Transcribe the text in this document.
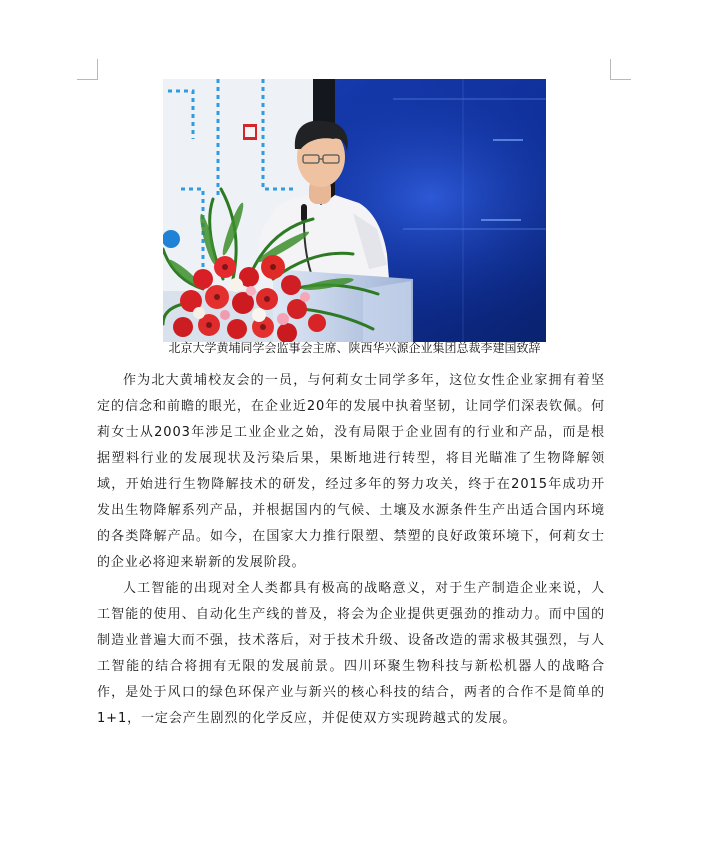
北京大学黄埔同学会监事会主席、陕西华兴源企业集团总裁李建国致辞

作为北大黄埔校友会的一员，与何莉女士同学多年，这位女性企业家拥有着坚定的信念和前瞻的眼光，在企业近20年的发展中执着坚韧，让同学们深表钦佩。何莉女士从2003年涉足工业企业之始，没有局限于企业固有的行业和产品，而是根据塑料行业的发展现状及污染后果，果断地进行转型，将目光瞄准了生物降解领域，开始进行生物降解技术的研发，经过多年的努力攻关，终于在2015年成功开发出生物降解系列产品，并根据国内的气候、土壤及水源条件生产出适合国内环境的各类降解产品。如今，在国家大力推行限塑、禁塑的良好政策环境下，何莉女士的企业必将迎来崭新的发展阶段。

人工智能的出现对全人类都具有极高的战略意义，对于生产制造企业来说，人工智能的使用、自动化生产线的普及，将会为企业提供更强劲的推动力。而中国的制造业普遍大而不强，技术落后，对于技术升级、设备改造的需求极其强烈，与人工智能的结合将拥有无限的发展前景。四川环聚生物科技与新松机器人的战略合作，是处于风口的绿色环保产业与新兴的核心科技的结合，两者的合作不是简单的1+1，一定会产生剧烈的化学反应，并促使双方实现跨越式的发展。
